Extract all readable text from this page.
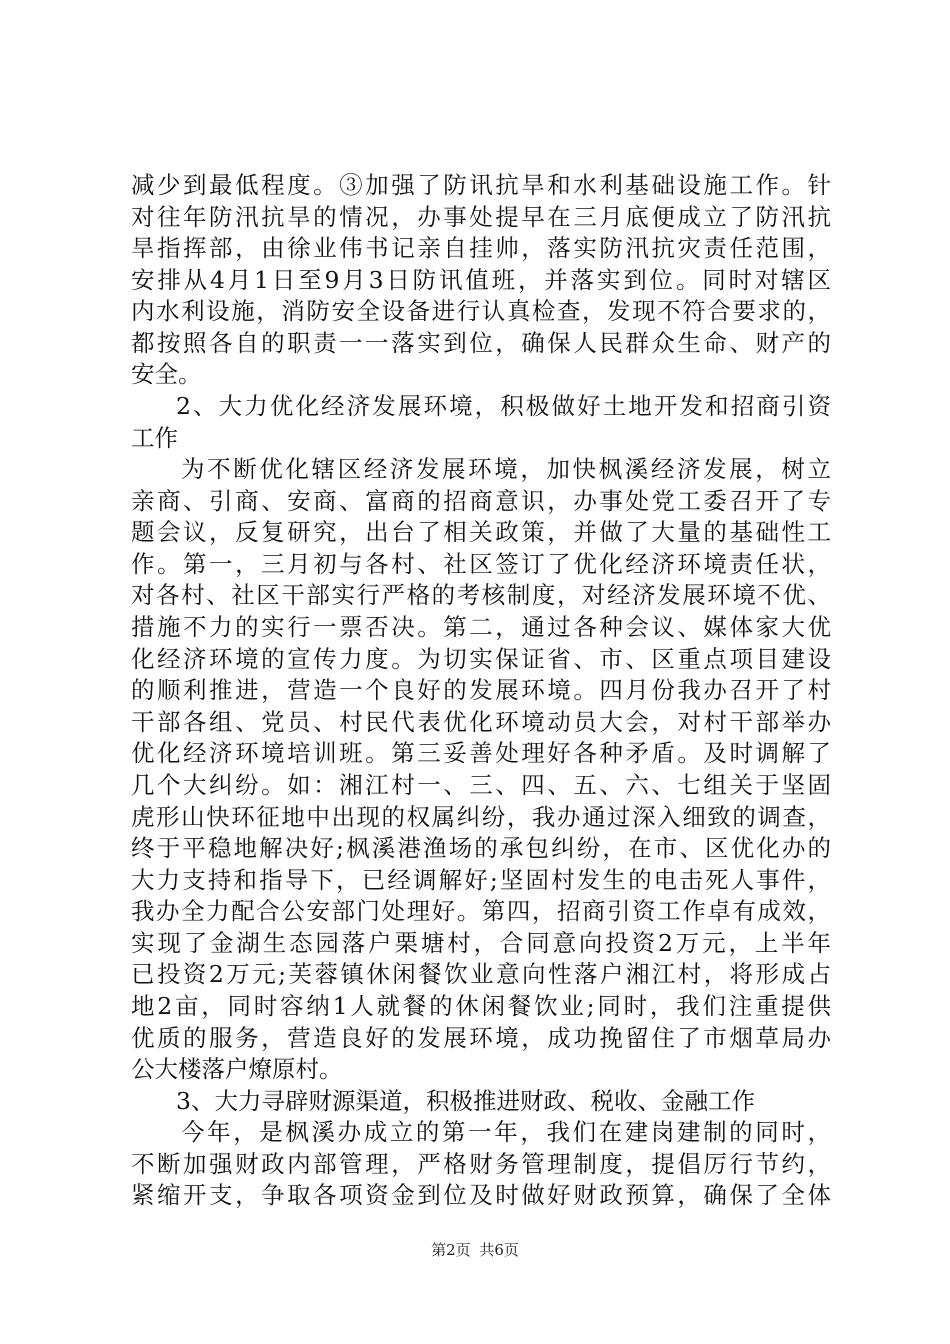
减少到最低程度。③加强了防讯抗旱和水利基础设施工作。针
对往年防汛抗旱的情况，办事处提早在三月底便成立了防汛抗
旱指挥部，由徐业伟书记亲自挂帅，落实防汛抗灾责任范围，
安排从4月1日至9月3日防讯值班，并落实到位。同时对辖区
内水利设施，消防安全设备进行认真检查，发现不符合要求的，
都按照各自的职责一一落实到位，确保人民群众生命、财产的
安全。
2、大力优化经济发展环境，积极做好土地开发和招商引资
工作
为不断优化辖区经济发展环境，加快枫溪经济发展，树立
亲商、引商、安商、富商的招商意识，办事处党工委召开了专
题会议，反复研究，出台了相关政策，并做了大量的基础性工
作。第一，三月初与各村、社区签订了优化经济环境责任状，
对各村、社区干部实行严格的考核制度，对经济发展环境不优、
措施不力的实行一票否决。第二，通过各种会议、媒体家大优
化经济环境的宣传力度。为切实保证省、市、区重点项目建设
的顺利推进，营造一个良好的发展环境。四月份我办召开了村
干部各组、党员、村民代表优化环境动员大会，对村干部举办
优化经济环境培训班。第三妥善处理好各种矛盾。及时调解了
几个大纠纷。如：湘江村一、三、四、五、六、七组关于坚固
虎形山快环征地中出现的权属纠纷，我办通过深入细致的调查，
终于平稳地解决好;枫溪港渔场的承包纠纷，在市、区优化办的
大力支持和指导下，已经调解好;坚固村发生的电击死人事件，
我办全力配合公安部门处理好。第四，招商引资工作卓有成效，
实现了金湖生态园落户栗塘村，合同意向投资2万元，上半年
已投资2万元;芙蓉镇休闲餐饮业意向性落户湘江村，将形成占
地2亩，同时容纳1人就餐的休闲餐饮业;同时，我们注重提供
优质的服务，营造良好的发展环境，成功挽留住了市烟草局办
公大楼落户燎原村。
3、大力寻辟财源渠道，积极推进财政、税收、金融工作
今年，是枫溪办成立的第一年，我们在建岗建制的同时，
不断加强财政内部管理，严格财务管理制度，提倡厉行节约，
紧缩开支，争取各项资金到位及时做好财政预算，确保了全体
第2页 共6页
